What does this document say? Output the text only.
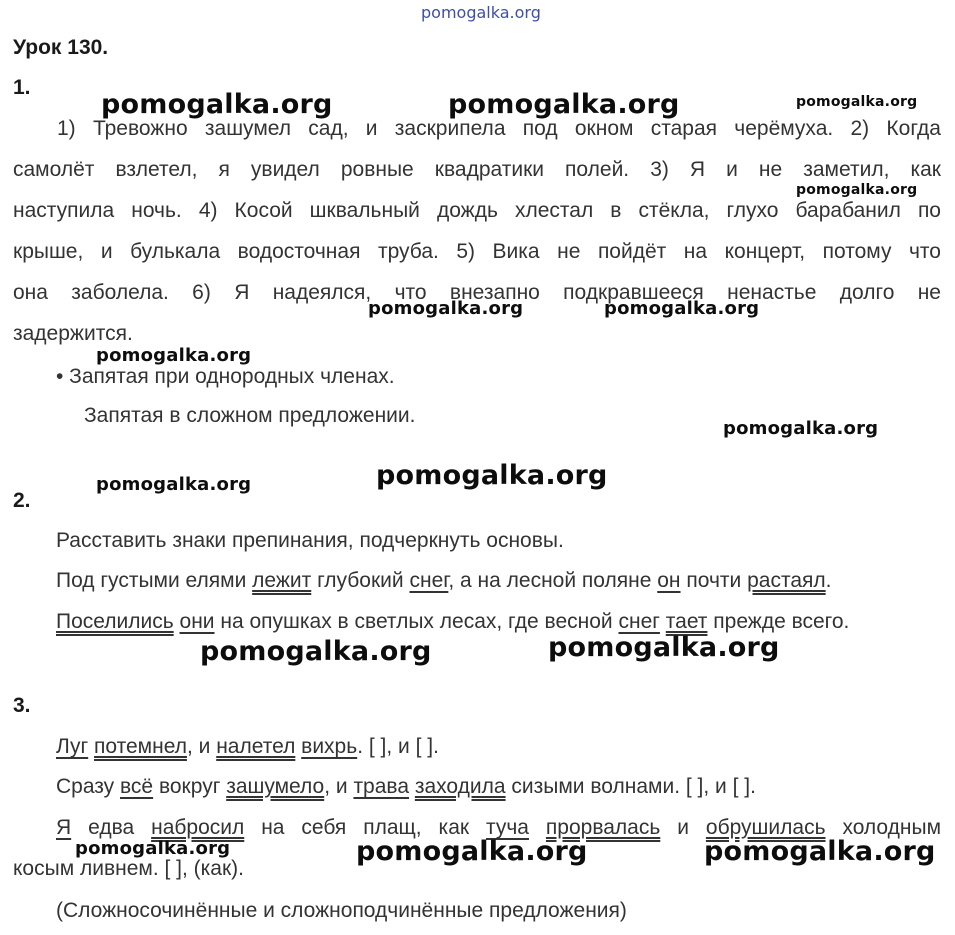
pomogalka.org
Урок 130.
1.
1) Тревожно зашумел сад, и заскрипела под окном старая черёмуха. 2) Когда
самолёт взлетел, я увидел ровные квадратики полей. 3) Я и не заметил, как
наступила ночь. 4) Косой шквальный дождь хлестал в стёкла, глухо барабанил по
крыше, и булькала водосточная труба. 5) Вика не пойдёт на концерт, потому что
она заболела. 6) Я надеялся, что внезапно подкравшееся ненастье долго не
задержится.
• Запятая при однородных членах.
Запятая в сложном предложении.
2.
Расставить знаки препинания, подчеркнуть основы.
Под густыми елями лежит глубокий снег, а на лесной поляне он почти растаял.
Поселились они на опушках в светлых лесах, где весной снег тает прежде всего.
3.
Луг потемнел, и налетел вихрь. [ ], и [ ].
Сразу всё вокруг зашумело, и трава заходила сизыми волнами. [ ], и [ ].
Я едва набросил на себя плащ, как туча прорвалась и обрушилась холодным
косым ливнем. [ ], (как).
(Сложносочинённые и сложноподчинённые предложения)
pomogalka.org	pomogalka.org	pomogalka.org
pomogalka.org
pomogalka.org	pomogalka.org
pomogalka.org
pomogalka.org
pomogalka.org
pomogalka.org
pomogalka.org	pomogalka.org
pomogalka.org	pomogalka.org	pomogalka.org
